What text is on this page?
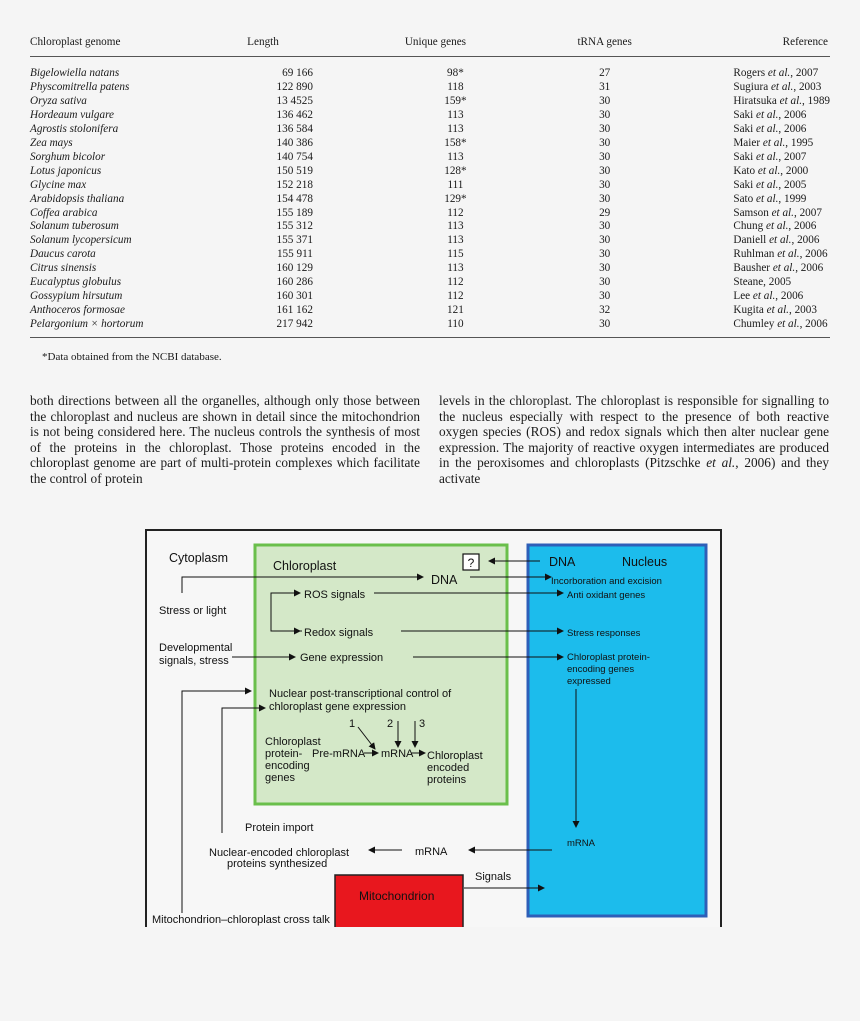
Chloroplast genome	Length	Unique genes	tRNA genes	Reference
Bigelowiella natans	69 166	98*	27	Rogers et al., 2007
Physcomitrella patens	122 890	118	31	Sugiura et al., 2003
Oryza sativa	13 4525	159*	30	Hiratsuka et al., 1989
Hordeaum vulgare	136 462	113	30	Saki et al., 2006
Agrostis stolonifera	136 584	113	30	Saki et al., 2006
Zea mays	140 386	158*	30	Maier et al., 1995
Sorghum bicolor	140 754	113	30	Saki et al., 2007
Lotus japonicus	150 519	128*	30	Kato et al., 2000
Glycine max	152 218	111	30	Saki et al., 2005
Arabidopsis thaliana	154 478	129*	30	Sato et al., 1999
Coffea arabica	155 189	112	29	Samson et al., 2007
Solanum tuberosum	155 312	113	30	Chung et al., 2006
Solanum lycopersicum	155 371	113	30	Daniell et al., 2006
Daucus carota	155 911	115	30	Ruhlman et al., 2006
Citrus sinensis	160 129	113	30	Bausher et al., 2006
Eucalyptus globulus	160 286	112	30	Steane, 2005
Gossypium hirsutum	160 301	112	30	Lee et al., 2006
Anthoceros formosae	161 162	121	32	Kugita et al., 2003
Pelargonium × hortorum	217 942	110	30	Chumley et al., 2006
*Data obtained from the NCBI database.

both directions between all the organelles, although only those between the chloroplast and nucleus are shown in detail since the mitochondrion is not being considered here. The nucleus controls the synthesis of most of the proteins in the chloroplast. Those proteins encoded in the chloroplast genome are part of multi-protein complexes which facilitate the control of protein

levels in the chloroplast. The chloroplast is responsible for signalling to the nucleus especially with respect to the presence of both reactive oxygen species (ROS) and redox signals which then alter nuclear gene expression. The majority of reactive oxygen intermediates are produced in the peroxisomes and chloroplasts (Pitzschke et al., 2006) and they activate

?
Cytoplasm
Chloroplast
DNA
DNA	Nucleus
Incorboration and excision
Stress or light
ROS signals	Anti oxidant genes
Redox signals	Stress responses
Developmental
signals, stress	Gene expression	Chloroplast protein-
encoding genes
expressed
Nuclear post-transcriptional control of
chloroplast gene expression
1	2 3
Chloroplast
protein-
encoding
genes
Pre-mRNA mRNA Chloroplast
encoded
proteins
Protein import
Nuclear-encoded chloroplast
proteins synthesized
mRNA
mRNA
Signals
Mitochondrion
Mitochondrion–chloroplast cross talk
